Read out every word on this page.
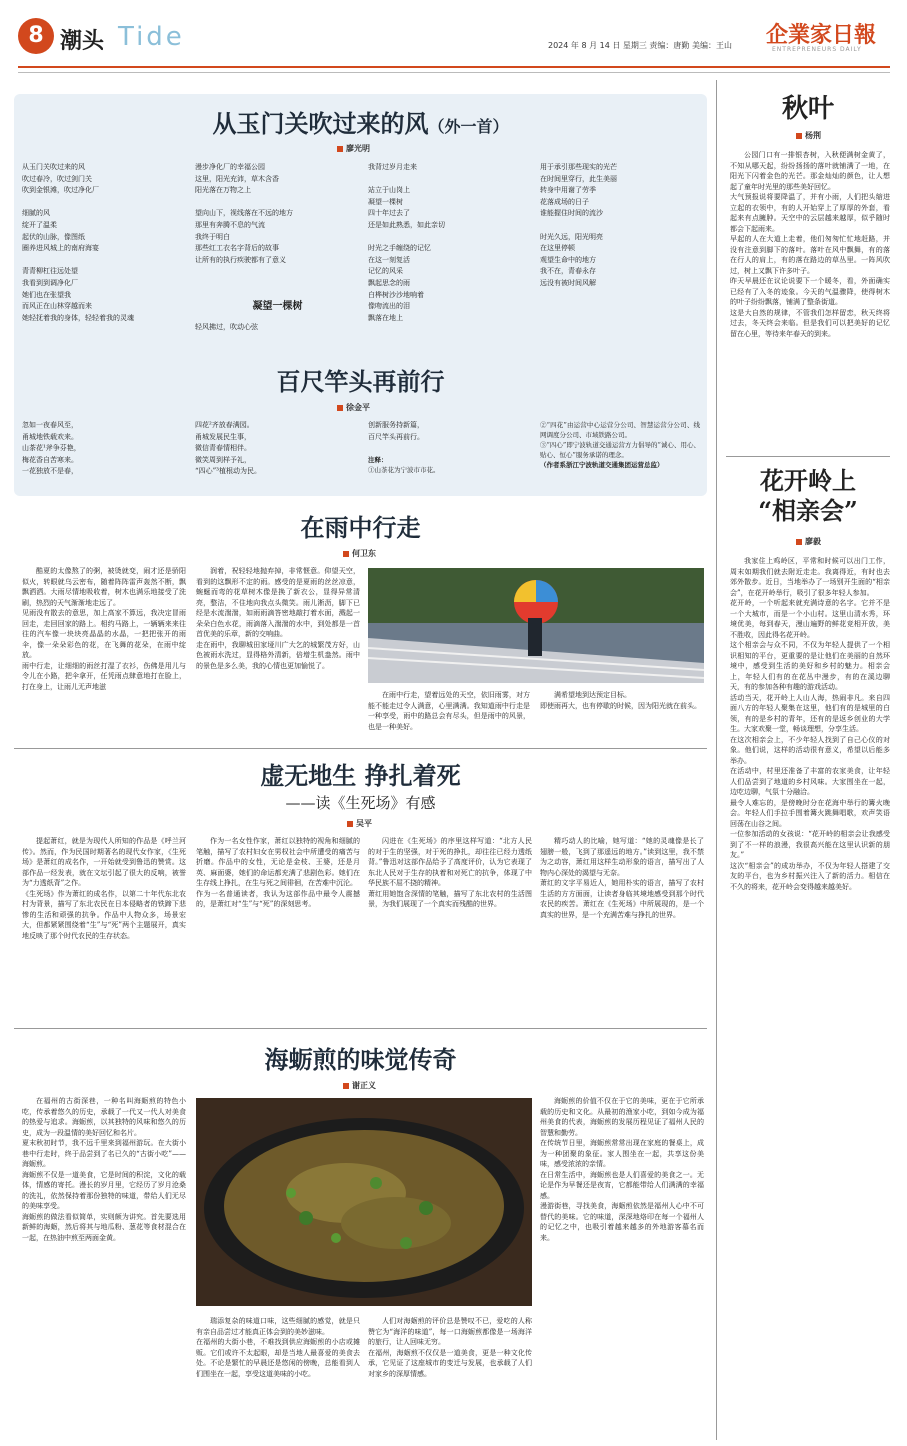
8 潮头 Tide	2024 年 8 月 14 日 星期三 责编：唐勤 美编：王山 企業家日報
ENTREPRENEURS DAILY
从玉门关吹过来的风（外一首）
廖光明
从玉门关吹过来的风
吹过春冷，吹过剑门关
吹到金银滩，吹过净化厂

细腻的风
绽开了温柔
起伏的山脉，像图纸
圈养进风城上的南府海宴

青青柳杠往远处望
我看到到调净化厂
她们也在张望我
而风正在山林穿越而来
她轻抚着我的身体，轻轻着我的灵魂
漫步净化厂的幸福公园
这里，阳光充沛，草木含香
阳光落在万物之上

望向山下，视线落在不远的地方
那里有奔腾不息的气流
我终于明白
那些红工衣名字背后的故事
让所有的执行疾驶都有了意义
凝望一棵树
轻风拂过，吹动心弦
我背过岁月走来

站立于山岗上
凝望一棵树
四十年过去了
还是如此熟悉，如此亲切

时光之手缠绕的记忆
在这一刻复活
记忆的风采
飘起思念的雨
白桦树沙沙地响着
像吻流出的泪
飘落在地上
用于承引那些现实的光芒
在时间里穿行，此生美丽
转身中用谢了劳季
花落成场的日子
谁能握住时间的流沙

时光久远，阳光明亮
在这里停顿
观望生命中的地方
我不在，青春永存
远没有被时间风解
百尺竿头再前行
徐金平
忽如一夜春风至，
甬城地铁载欢来。
山茶花¹斧争芬艳，
梅花香自苦寒来。
一花独放不是春，
四花²齐放春满园。
甬城发展民生事，
微信青春情相伴。
微笑周到样予礼，
“四心”³植根动为民。
创新服务持新篇，
百尺竿头再前行。
注释：
①山茶花为宁波市市花。
②“四花”由运营中心运营分公司、智慧运营分公司、线网调度分公司、市域铁路公司。
③“四心”即宁波轨道交通运营方力倡导的“诚心、用心、贴心、恒心”服务承诺的理念。
（作者系浙江宁波轨道交通集团运营总监）
在雨中行走
何卫东
酷夏的太像熬了的粥，被烫就变，闹才还是骄阳似火，转眼就乌云密布，随着阵阵雷声轰然不断，飘飘洒洒。大雨尽情地吸收着，树木也满乐地接受了洗刷，热烈的天气渐渐地走远了。
见雨没有散去的意思，加上高家不算远，我决定冒雨回走，走回回家的路上。相约马路上，一辆辆来来往往的汽车像一块块亮晶晶的水晶，一把把张开的雨伞，像一朵朵彩色的花，在飞舞的花朵，在雨中绽放。
雨中行走，让细细的雨丝打湿了衣衫，伤佛是用儿与令儿在小路，把伞拿开，任凭雨点肆意地打在脸上，打在身上，让雨儿无声地滋
润着，祝轻轻地抛弃掉，非常惬意。仰望天空，看到的这飘形不定的雨。感受的是夏雨的丝丝凉意，蜿蜒而弯的花草树木像是换了新衣公，显得异常清亮，整洁，不住地向我点头微笑。雨儿淅沥，脚下已经是水流湍湍，如雨雨滴答密地敲打着水面，溅起一朵朵白色水花，雨滴落入湍湍的水中，到处都是一首首优美的乐章，新的交响曲。
走在雨中，我聊城田家垭川广大乞的城繁茂方好，山色被雨水洗过，显得格外清新，倍增生机盎然。雨中的景色是多么美，我的心情也更加愉悦了。
在雨中行走，望着远处的天空，依旧雨雾，对方能不能走过令人满意，心里满满。我知道雨中行走是一种享受，雨中的路总会有尽头，但是雨中的风景，也是一种美好。
满希望地到达预定目标。
即使雨再大，也有停歇的时候，因为阳光就在前头。
虚无地生 挣扎着死
——读《生死场》有感
吴平
提起萧红，就是为现代人所知的作品是《呼兰河传》。然而，作为民国时期著名的现代女作家，《生死场》是萧红的成名作，一开始就受到鲁迅的赞赏。这部作品一经发表，就在文坛引起了很大的反响，被誉为“力透纸背”之作。
《生死场》作为萧红的成名作，以第二十年代东北农村为背景，描写了东北农民在日本侵略者的铁蹄下悲惨的生活和顽强的抗争。作品中人物众多，场景宏大，但都紧紧围绕着“生”与“死”两个主题展开，真实地反映了那个时代农民的生存状态。
作为一名女性作家，萧红以独特的视角和细腻的笔触，描写了农村妇女在男权社会中所遭受的痛苦与折磨。作品中的女性，无论是金枝、王婆，还是月英、麻面婆，她们的命运都充满了悲剧色彩。她们在生存线上挣扎，在生与死之间徘徊，在苦难中沉沦。
作为一名普通读者，我认为这部作品中最令人震撼的，是萧红对“生”与“死”的深刻思考。
闪进在《生死场》的序里这样写道：“北方人民的对于生的坚强，对于死的挣扎，却往往已经力透纸背。”鲁迅对这部作品给予了高度评价，认为它表现了东北人民对于生存的执着和对死亡的抗争，体现了中华民族不屈不挠的精神。
萧红用她饱含深情的笔触，描写了东北农村的生活图景，为我们展现了一个真实而残酷的世界。
精巧动人的比喻，她写道：“她的灵魂像是长了翅膀一般，飞到了那遥远的地方。”读到这里，我不禁为之动容，萧红用这样生动形象的语言，描写出了人物内心深处的渴望与无奈。
萧红的文字平易近人，她用朴实的语言，描写了农村生活的方方面面，让读者身临其境地感受到那个时代农民的疾苦。萧红在《生死场》中所展现的，是一个真实的世界，是一个充满苦难与挣扎的世界。
海蛎煎的味觉传奇
谢正义
在福州的古街深巷，一种名叫海蛎煎的特色小吃，传承着悠久的历史，承载了一代又一代人对美食的热爱与追求。海蛎煎，以其独特的风味和悠久的历史，成为一段温情的美好回忆和名片。
夏末秋初时节，我不远千里来到福州游玩。在大街小巷中行走时，终于品尝到了名已久的“古街小吃”——海蛎煎。
海蛎煎不仅是一道美食，它是时间的积淀，文化的载体，情感的寄托。漫长的岁月里，它经历了岁月沧桑的洗礼，依然保持着那份独特的味道，带给人们无尽的美味享受。
海蛎煎的做法看似简单，实则颇为讲究。首先要选用新鲜的海蛎，然后将其与地瓜粉、葱花等食材混合在一起，在热油中煎至两面金黄。
瑞添复杂的味道口味，这些细腻的感觉，就是只有亲自品尝过才能真正体会到的美妙滋味。
在福州的大街小巷，不难找到供应海蛎煎的小店或摊贩。它们或许不太起眼，却是当地人最喜爱的美食去处。不论是繁忙的早晨还是悠闲的傍晚，总能看到人们围坐在一起，享受这道美味的小吃。
人们对海蛎煎的评价总是赞叹不已，爱吃的人称赞它为“海洋的味道”，每一口海蛎煎都像是一场海洋的旅行，让人回味无穷。
在福州，海蛎煎不仅仅是一道美食，更是一种文化传承，它见证了这座城市的变迁与发展，也承载了人们对家乡的深厚情感。
海蛎煎的价值不仅在于它的美味，更在于它所承载的历史和文化。从最初的渔家小吃，到如今成为福州美食的代表，海蛎煎的发展历程见证了福州人民的智慧和勤劳。
在传统节日里，海蛎煎常常出现在家庭的餐桌上，成为一种团聚的象征。家人围坐在一起，共享这份美味，感受浓浓的亲情。
在日常生活中，海蛎煎也是人们喜爱的美食之一。无论是作为早餐还是夜宵，它都能带给人们满满的幸福感。
漫游街巷，寻找美食，海蛎煎依然是福州人心中不可替代的美味。它的味道，深深地烙印在每一个福州人的记忆之中，也吸引着越来越多的外地游客慕名而来。
秋叶
杨荆
公园门口有一排银杏树，入秋便满树金黄了，不知从哪天起，纷纷扬扬的落叶就铺满了一地，在阳光下闪着金色的光芒。那金灿灿的颜色，让人想起了童年时光里的那些美好回忆。
大气预报说将要降温了，并有小雨，人们把头缩进立起的衣领中，有的人开始穿上了厚厚的外套，看起来有点臃肿。天空中的云层越来越厚，似乎随时都会下起雨来。
早起的人在大道上走着，他们匆匆忙忙地赶路，并没有注意到脚下的落叶。落叶在风中飘舞，有的落在行人的肩上，有的落在路边的草丛里。一阵风吹过，树上又飘下许多叶子。
昨天早晨还在议论说要下一个暖冬，看，外面确实已经有了入冬的迹象。今天的气温骤降，使得树木的叶子纷纷飘落，铺满了整条街道。
这是大自然的规律，不管我们怎样留恋，秋天终将过去，冬天终会来临。但是我们可以把美好的记忆留在心里，等待来年春天的到来。
花开岭上
“相亲会”
廖毅
我家住上鸡岭区，平常和时候可以出门工作，周末如期我们就去附近走走。我离得近，有时也去郊外散步。近日，当地举办了一场别开生面的“相亲会”，在花开岭举行，吸引了很多年轻人参加。
花开岭，一个听起来就充满诗意的名字。它并不是一个大城市，而是一个小山村。这里山清水秀，环境优美，每到春天，漫山遍野的鲜花竞相开放，美不胜收，因此得名花开岭。
这个相亲会与众不同，不仅为年轻人提供了一个相识相知的平台，更重要的是让他们在美丽的自然环境中，感受到生活的美好和乡村的魅力。相亲会上，年轻人们有的在花丛中漫步，有的在溪边聊天，有的参加各种有趣的游戏活动。
活动当天，花开岭上人山人海，热闹非凡。来自四面八方的年轻人聚集在这里，他们有的是城里的白领，有的是乡村的青年，还有的是返乡创业的大学生。大家欢聚一堂，畅谈理想，分享生活。
在这次相亲会上，不少年轻人找到了自己心仪的对象。他们说，这样的活动很有意义，希望以后能多举办。
在活动中，村里还准备了丰富的农家美食，让年轻人们品尝到了地道的乡村风味。大家围坐在一起，边吃边聊，气氛十分融洽。
最令人难忘的，是傍晚时分在花海中举行的篝火晚会。年轻人们手拉手围着篝火跳舞唱歌，欢声笑语回荡在山谷之间。
一位参加活动的女孩说：“花开岭的相亲会让我感受到了不一样的浪漫，我很高兴能在这里认识新的朋友。”
这次“相亲会”的成功举办，不仅为年轻人搭建了交友的平台，也为乡村振兴注入了新的活力。相信在不久的将来，花开岭会变得越来越美好。
